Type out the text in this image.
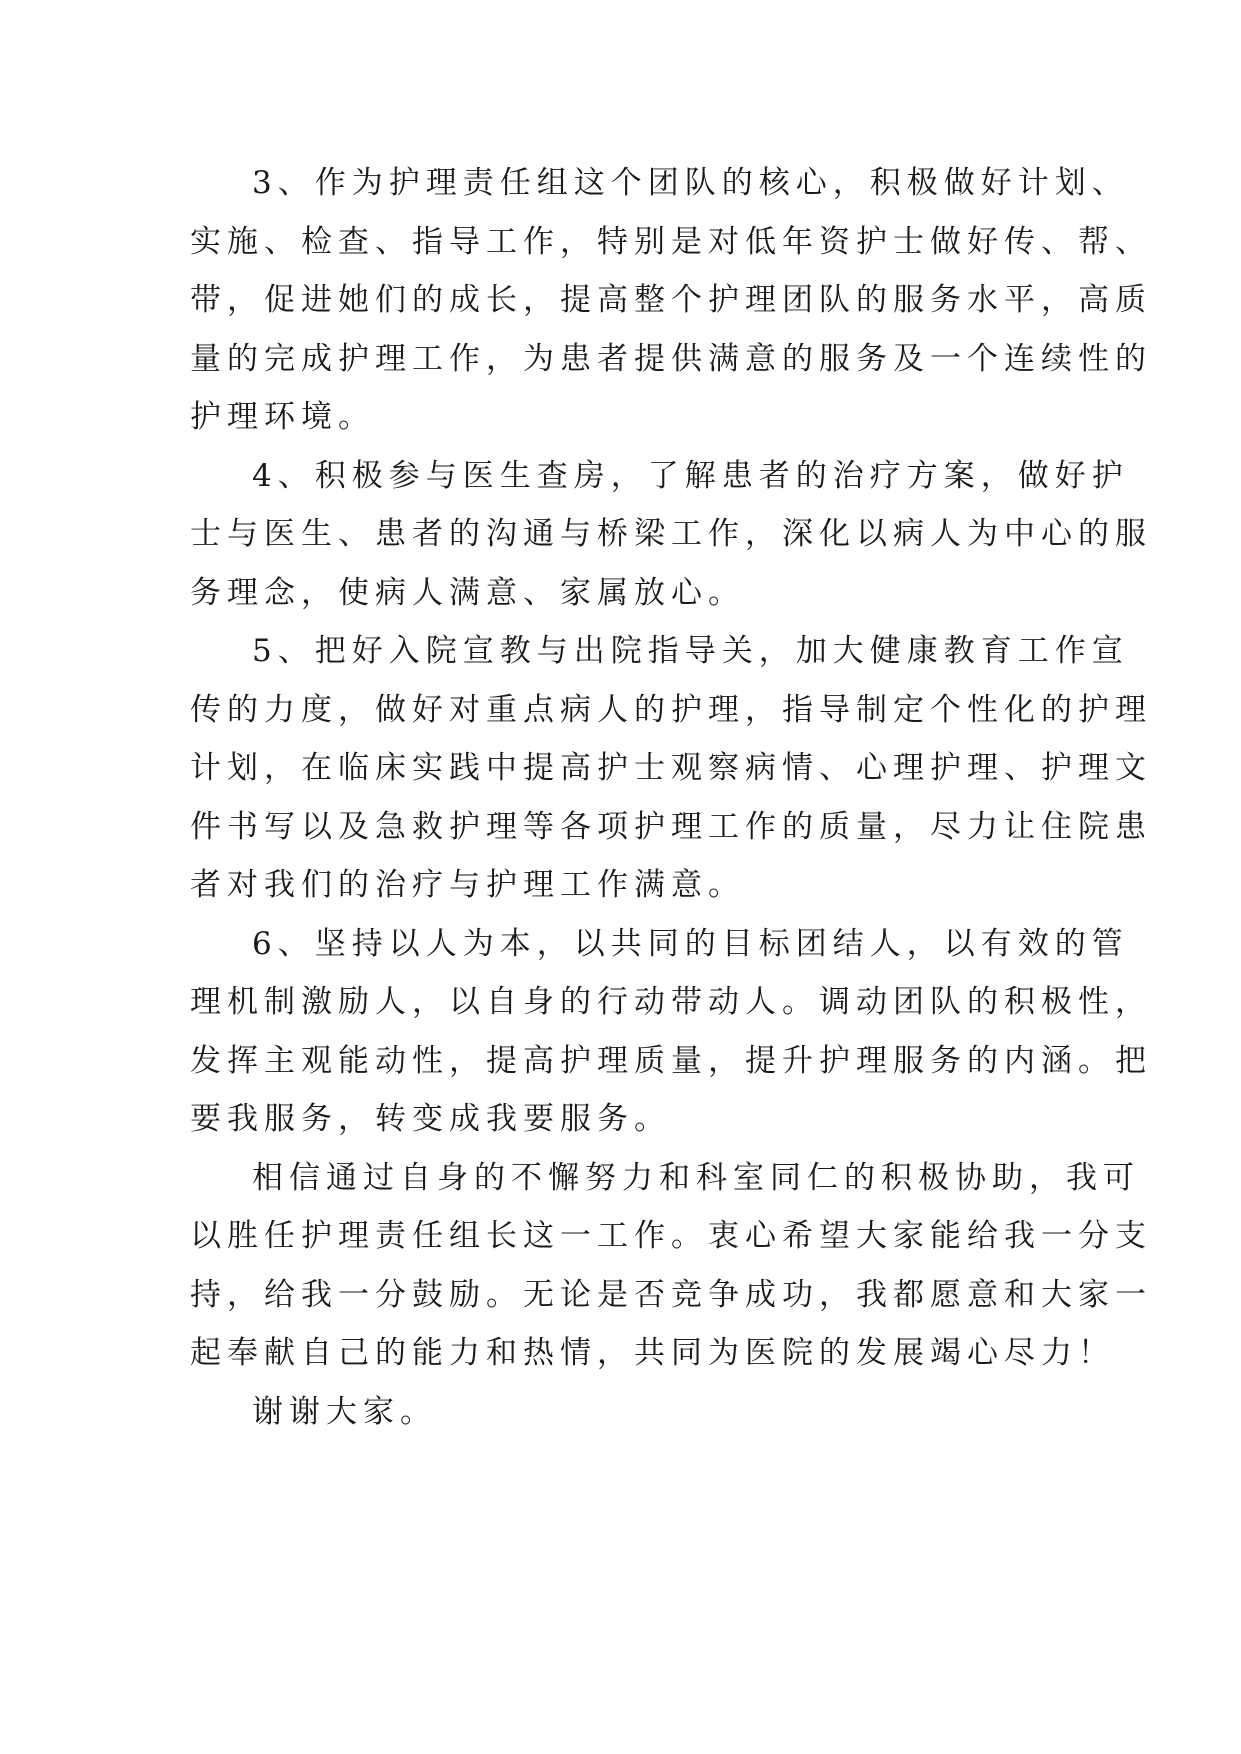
3、作为护理责任组这个团队的核心，积极做好计划、
实施、检查、指导工作，特别是对低年资护士做好传、帮、
带，促进她们的成长，提高整个护理团队的服务水平，高质
量的完成护理工作，为患者提供满意的服务及一个连续性的
护理环境。

4、积极参与医生查房，了解患者的治疗方案，做好护
士与医生、患者的沟通与桥梁工作，深化以病人为中心的服
务理念，使病人满意、家属放心。

5、把好入院宣教与出院指导关，加大健康教育工作宣
传的力度，做好对重点病人的护理，指导制定个性化的护理
计划，在临床实践中提高护士观察病情、心理护理、护理文
件书写以及急救护理等各项护理工作的质量，尽力让住院患
者对我们的治疗与护理工作满意。

6、坚持以人为本，以共同的目标团结人，以有效的管
理机制激励人，以自身的行动带动人。调动团队的积极性，
发挥主观能动性，提高护理质量，提升护理服务的内涵。把
要我服务，转变成我要服务。

相信通过自身的不懈努力和科室同仁的积极协助，我可
以胜任护理责任组长这一工作。衷心希望大家能给我一分支
持，给我一分鼓励。无论是否竞争成功，我都愿意和大家一
起奉献自己的能力和热情，共同为医院的发展竭心尽力！

谢谢大家。
